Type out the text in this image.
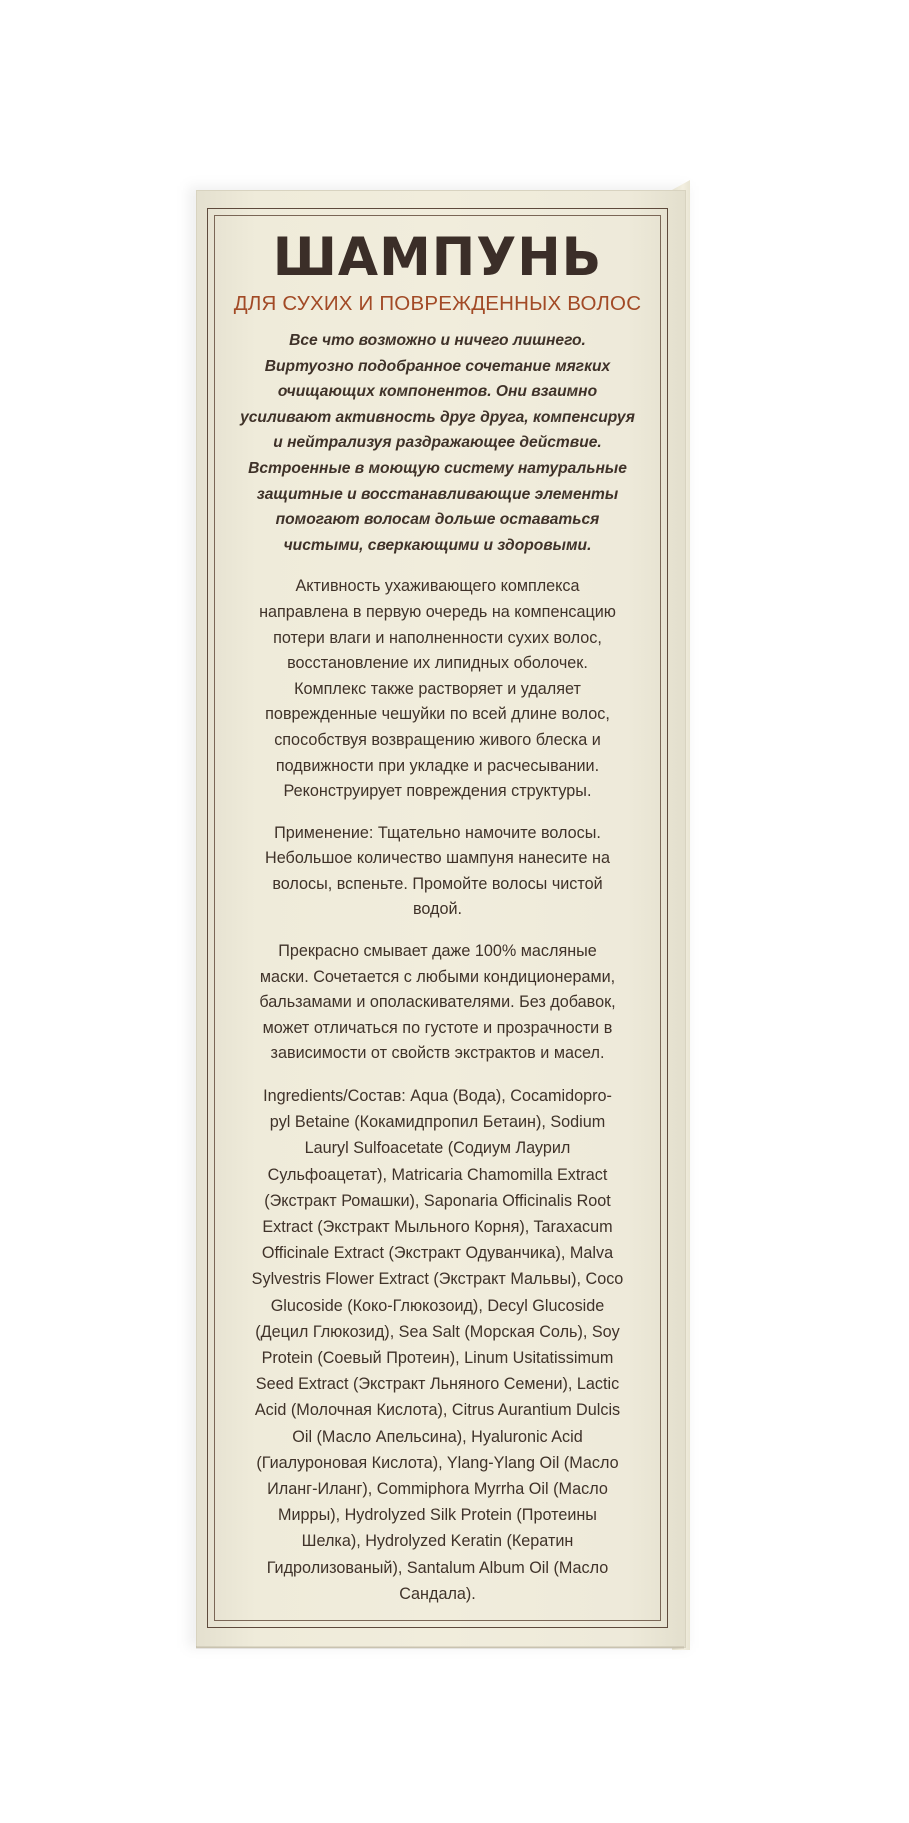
ШАМПУНЬ
ДЛЯ СУХИХ И ПОВРЕЖДЕННЫХ ВОЛОС

Все что возможно и ничего лишнего.
Виртуозно подобранное сочетание мягких
очищающих компонентов. Они взаимно
усиливают активность друг друга, компенсируя
и нейтрализуя раздражающее действие.
Встроенные в моющую систему натуральные
защитные и восстанавливающие элементы
помогают волосам дольше оставаться
чистыми, сверкающими и здоровыми.

Активность ухаживающего комплекса
направлена в первую очередь на компенсацию
потери влаги и наполненности сухих волос,
восстановление их липидных оболочек.
Комплекс также растворяет и удаляет
поврежденные чешуйки по всей длине волос,
способствуя возвращению живого блеска и
подвижности при укладке и расчесывании.
Реконструирует повреждения структуры.

Применение: Тщательно намочите волосы.
Небольшое количество шампуня нанесите на
волосы, вспеньте. Промойте волосы чистой
водой.

Прекрасно смывает даже 100% масляные
маски. Сочетается с любыми кондиционерами,
бальзамами и ополаскивателями. Без добавок,
может отличаться по густоте и прозрачности в
зависимости от свойств экстрактов и масел.

Ingredients/Состав: Aqua (Вода), Cocamidopro-
pyl Betaine (Кокамидпропил Бетаин), Sodium
Lauryl Sulfoacetate (Содиум Лаурил
Сульфоацетат), Matricaria Chamomilla Extract
(Экстракт Ромашки), Saponaria Officinalis Root
Extract (Экстракт Мыльного Корня), Taraxacum
Officinale Extract (Экстракт Одуванчика), Malva
Sylvestris Flower Extract (Экстракт Мальвы), Coco
Glucoside (Коко-Глюкозоид), Decyl Glucoside
(Децил Глюкозид), Sea Salt (Морская Соль), Soy
Protein (Соевый Протеин), Linum Usitatissimum
Seed Extract (Экстракт Льняного Семени), Lactic
Acid (Молочная Кислота), Citrus Aurantium Dulcis
Oil (Масло Апельсина), Hyaluronic Acid
(Гиалуроновая Кислота), Ylang-Ylang Oil (Масло
Иланг-Иланг), Commiphora Myrrha Oil (Масло
Мирры), Hydrolyzed Silk Protein (Протеины
Шелка), Hydrolyzed Keratin (Кератин
Гидролизованый), Santalum Album Oil (Масло
Сандала).
